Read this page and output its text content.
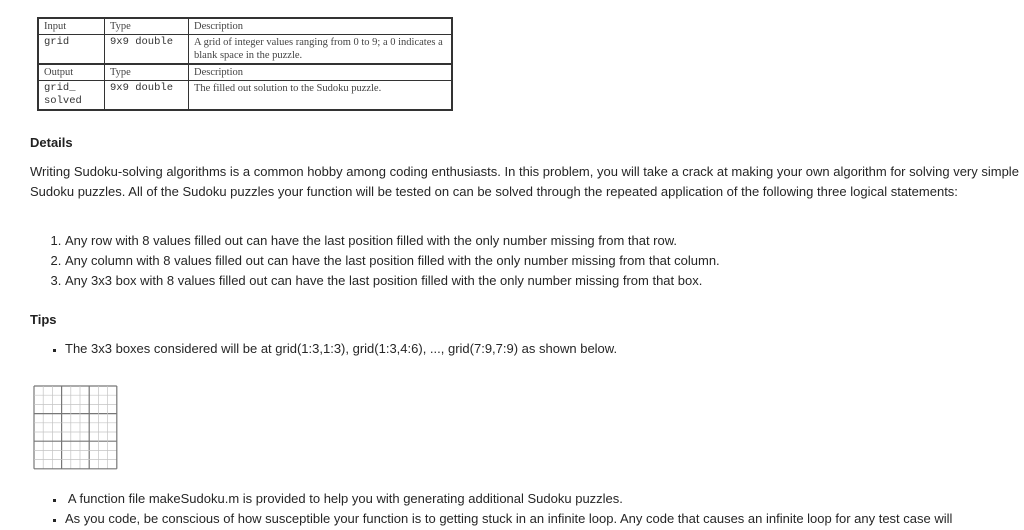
Input	Type	Description
grid	9x9 double	A grid of integer values ranging from 0 to 9; a 0 indicates a blank space in the puzzle.
Output	Type	Description
grid_ solved	9x9 double	The filled out solution to the Sudoku puzzle.
Details

Writing Sudoku-solving algorithms is a common hobby among coding enthusiasts. In this problem, you will take a crack at making your own algorithm for solving very simple Sudoku puzzles. All of the Sudoku puzzles your function will be tested on can be solved through the repeated application of the following three logical statements:

1. Any row with 8 values filled out can have the last position filled with the only number missing from that row.
2. Any column with 8 values filled out can have the last position filled with the only number missing from that column.
3. Any 3x3 box with 8 values filled out can have the last position filled with the only number missing from that box.
Tips
▪ The 3x3 boxes considered will be at grid(1:3,1:3), grid(1:3,4:6), ..., grid(7:9,7:9) as shown below.
▪  A function file makeSudoku.m is provided to help you with generating additional Sudoku puzzles.
▪ As you code, be conscious of how susceptible your function is to getting stuck in an infinite loop. Any code that causes an infinite loop for any test case will
